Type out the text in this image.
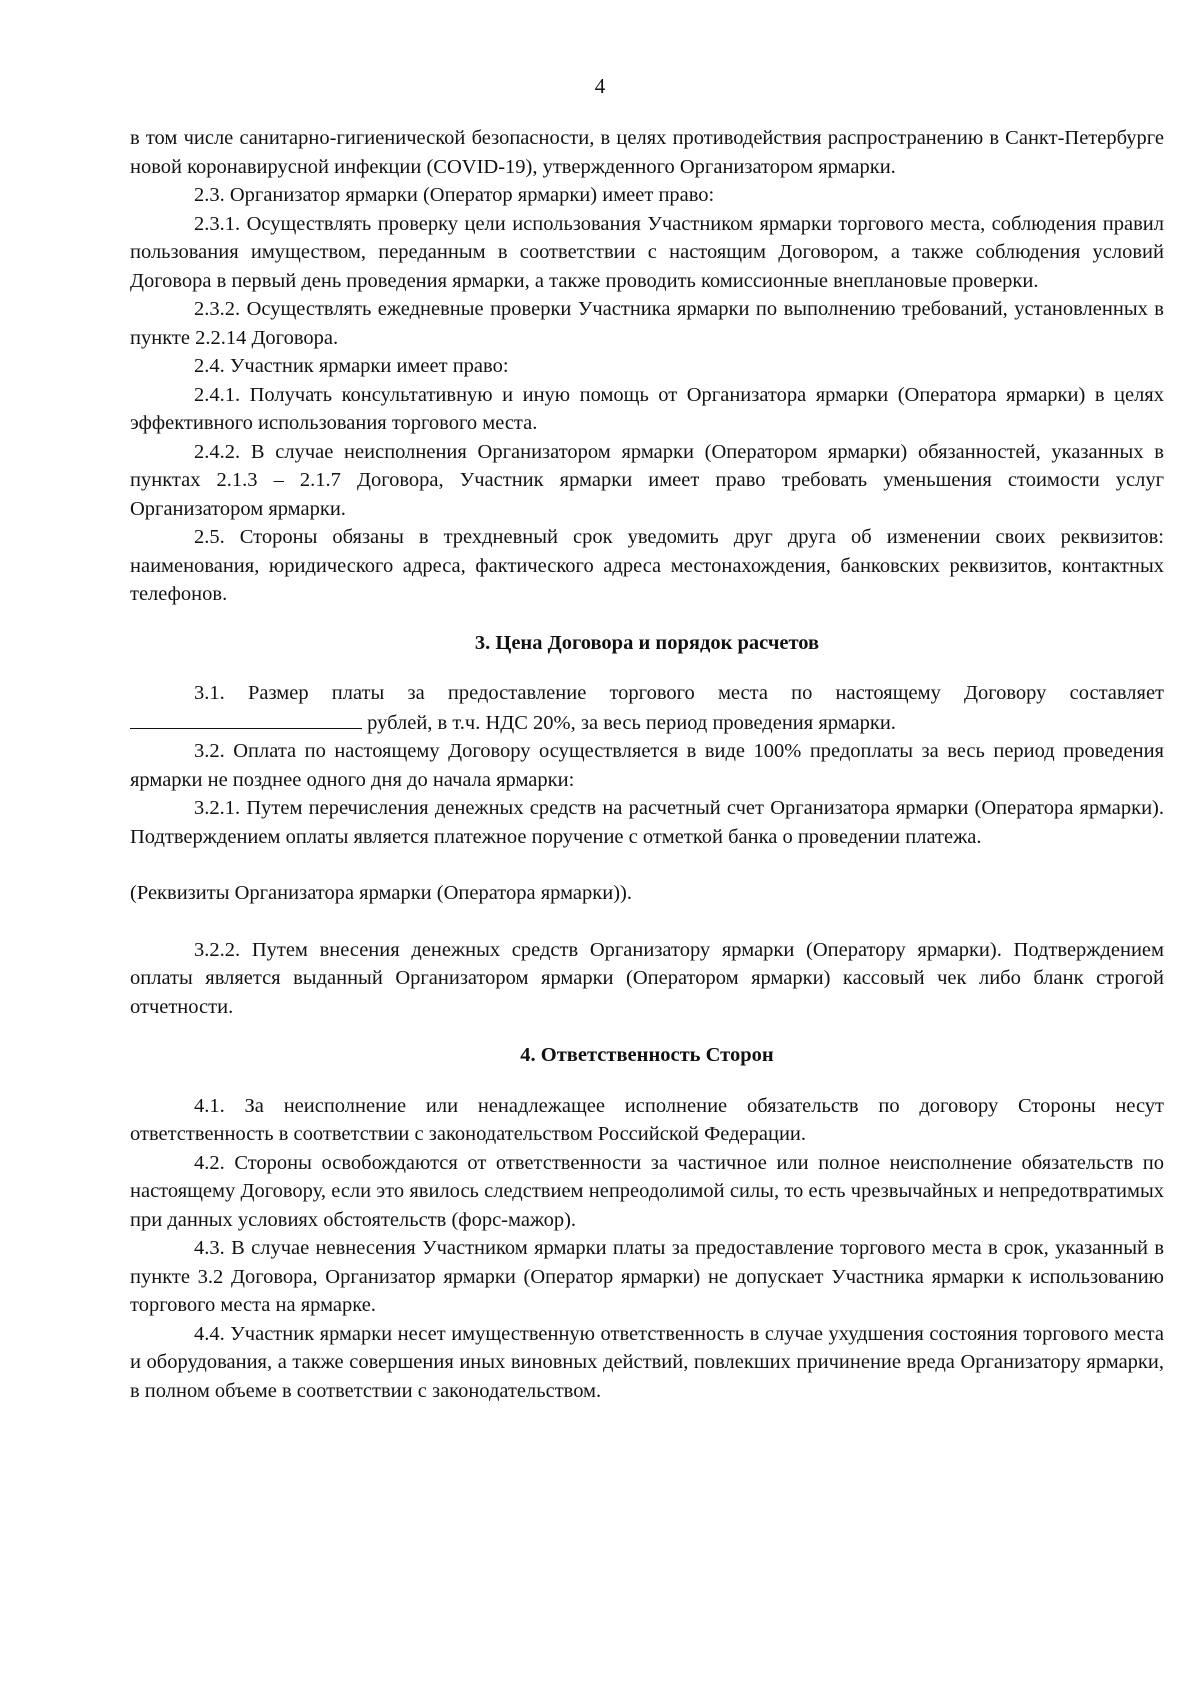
4

в том числе санитарно-гигиенической безопасности, в целях противодействия распространению в Санкт-Петербурге новой коронавирусной инфекции (COVID-19), утвержденного Организатором ярмарки.

2.3. Организатор ярмарки (Оператор ярмарки) имеет право:

2.3.1. Осуществлять проверку цели использования Участником ярмарки торгового места, соблюдения правил пользования имуществом, переданным в соответствии с настоящим Договором, а также соблюдения условий Договора в первый день проведения ярмарки, а также проводить комиссионные внеплановые проверки.

2.3.2. Осуществлять ежедневные проверки Участника ярмарки по выполнению требований, установленных в пункте 2.2.14 Договора.

2.4. Участник ярмарки имеет право:

2.4.1. Получать консультативную и иную помощь от Организатора ярмарки (Оператора ярмарки) в целях эффективного использования торгового места.

2.4.2. В случае неисполнения Организатором ярмарки (Оператором ярмарки) обязанностей, указанных в пунктах 2.1.3 – 2.1.7 Договора, Участник ярмарки имеет право требовать уменьшения стоимости услуг Организатором ярмарки.

2.5. Стороны обязаны в трехдневный срок уведомить друг друга об изменении своих реквизитов: наименования, юридического адреса, фактического адреса местонахождения, банковских реквизитов, контактных телефонов.

3. Цена Договора и порядок расчетов

3.1. Размер платы за предоставление торгового места по настоящему Договору составляет  рублей, в т.ч. НДС 20%, за весь период проведения ярмарки.

3.2. Оплата по настоящему Договору осуществляется в виде 100% предоплаты за весь период проведения ярмарки не позднее одного дня до начала ярмарки:

3.2.1. Путем перечисления денежных средств на расчетный счет Организатора ярмарки (Оператора ярмарки). Подтверждением оплаты является платежное поручение с отметкой банка о проведении платежа.

(Реквизиты Организатора ярмарки (Оператора ярмарки)).

3.2.2. Путем внесения денежных средств Организатору ярмарки (Оператору ярмарки). Подтверждением оплаты является выданный Организатором ярмарки (Оператором ярмарки) кассовый чек либо бланк строгой отчетности.

4. Ответственность Сторон

4.1. За неисполнение или ненадлежащее исполнение обязательств по договору Стороны несут ответственность в соответствии с законодательством Российской Федерации.

4.2. Стороны освобождаются от ответственности за частичное или полное неисполнение обязательств по настоящему Договору, если это явилось следствием непреодолимой силы, то есть чрезвычайных и непредотвратимых при данных условиях обстоятельств (форс-мажор).

4.3. В случае невнесения Участником ярмарки платы за предоставление торгового места в срок, указанный в пункте 3.2 Договора, Организатор ярмарки (Оператор ярмарки) не допускает Участника ярмарки к использованию торгового места на ярмарке.

4.4. Участник ярмарки несет имущественную ответственность в случае ухудшения состояния торгового места и оборудования, а также совершения иных виновных действий, повлекших причинение вреда Организатору ярмарки, в полном объеме в соответствии с законодательством.
